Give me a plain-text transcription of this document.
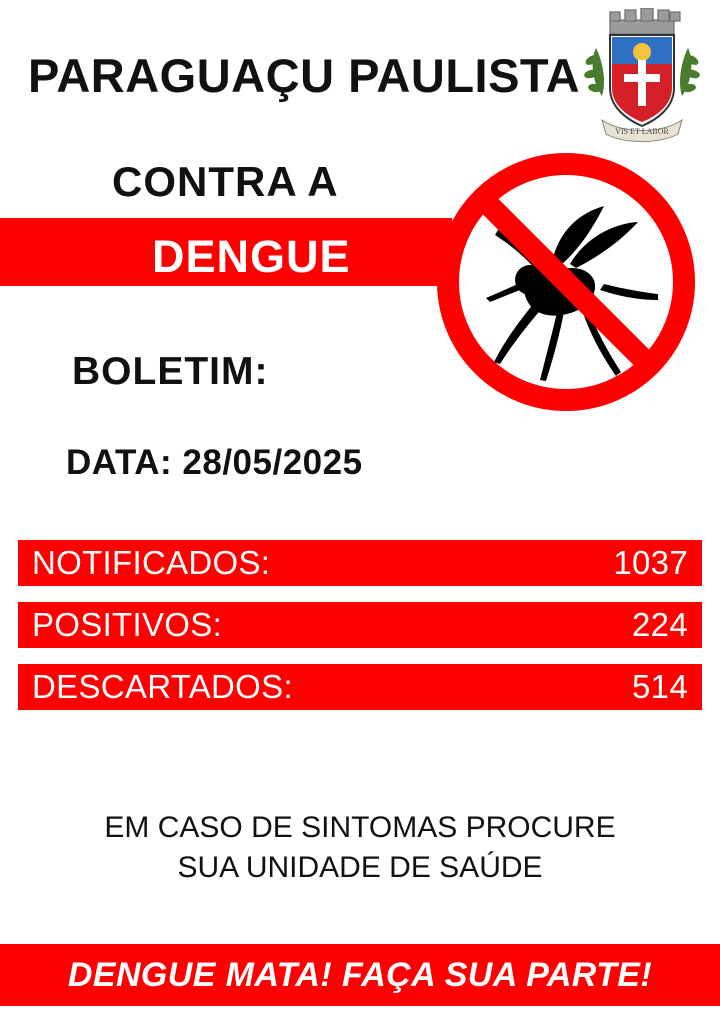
VIS ET LABOR
PARAGUAÇU PAULISTA
CONTRA A
DENGUE
BOLETIM:
DATA: 28/05/2025
NOTIFICADOS:	1037
POSITIVOS:	224
DESCARTADOS:	514
EM CASO DE SINTOMAS PROCURE
SUA UNIDADE DE SAÚDE
DENGUE MATA! FAÇA SUA PARTE!
